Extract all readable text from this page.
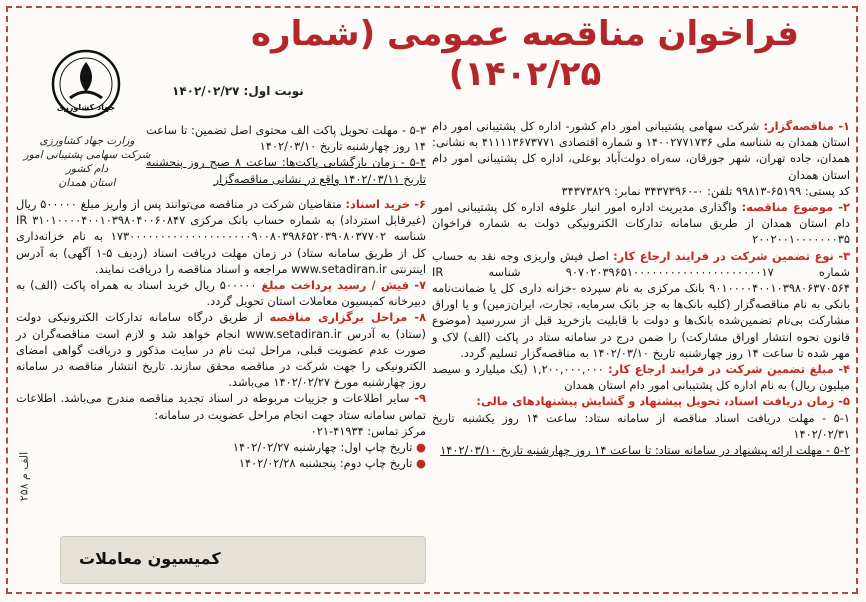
فراخوان مناقصه عمومی (شماره ۱۴۰۲/۲۵)
جهاد کشاورزی
وزارت جهاد کشاورزی
شرکت سهامی پشتیبانی امور دام کشور
استان همدان
نوبت اول: ۱۴۰۲/۰۲/۲۷

۱- مناقصه‌گزار: شرکت سهامی پشتیبانی امور دام کشور- اداره کل پشتیبانی امور دام استان همدان به شناسه ملی ۱۴۰۰۲۷۷۱۷۳۶ و شماره اقتصادی ۴۱۱۱۱۳۶۷۳۷۷۱ به نشانی: همدان، جاده تهران، شهر جورقان، سه‌راه دولت‌آباد بوعلی، اداره کل پشتیبانی امور دام استان همدان

کد پستی: ۶۵۱۹۹-۹۹۸۱۳ تلفن: ۰-۳۴۳۷۳۹۶۰ نمابر: ۳۴۳۷۳۸۲۹

۲- موضوع مناقصه: واگذاری مدیریت اداره امور انبار علوفه اداره کل پشتیبانی امور دام استان همدان از طریق سامانه تدارکات الکترونیکی دولت به شماره فراخوان ۲۰۰۲۰۰۱۰۰۰۰۰۰۰۳۵

۳- نوع تضمین شرکت در فرایند ارجاع کار: اصل فیش واریزی وجه نقد به حساب شماره ۹۰۷۰۲۰۳۹۶۵۱۰۰۰۰۰۰۰۰۰۰۰۰۰۰۰۰۰۰۰۰۰۱۷ شناسه IR ۹۰۱۰۰۰۰۴۰۰۱۰۳۹۸۰۶۳۷۰۵۶۴ بانک مرکزی به نام سپرده -خزانه داری کل یا ضمانت‌نامه بانکی به نام مناقصه‌گزار (کلیه بانک‌ها به جز بانک سرمایه، تجارت، ایران‌زمین) و یا اوراق مشارکت بی‌نام تضمین‌شده بانک‌ها و دولت با قابلیت بازخرید قبل از سررسید (موضوع قانون نحوه انتشار اوراق مشارکت) را ضمن درج در سامانه ستاد در پاکت (الف) لاک و مهر شده تا ساعت ۱۴ روز چهارشنبه تاریخ ۱۴۰۲/۰۳/۱۰ به مناقصه‌گزار تسلیم گردد.

۴- مبلغ تضمین شرکت در فرایند ارجاع کار: ۱,۲۰۰,۰۰۰,۰۰۰ (یک میلیارد و سیصد میلیون ریال) به نام اداره کل پشتیبانی امور دام استان همدان

۵- زمان دریافت اسناد، تحویل پیشنهاد و گشایش پیشنهادهای مالی:

۵-۱ - مهلت دریافت اسناد مناقصه از سامانه ستاد: ساعت ۱۴ روز یکشنبه تاریخ ۱۴۰۲/۰۲/۳۱

۵-۲ - مهلت ارائه پیشنهاد در سامانه ستاد: تا ساعت ۱۴ روز چهارشنبه تاریخ ۱۴۰۲/۰۳/۱۰

۵-۳ - مهلت تحویل پاکت الف محتوی اصل تضمین: تا ساعت ۱۴ روز چهارشنبه تاریخ ۱۴۰۲/۰۳/۱۰

۵-۴ - زمان بازگشایی پاکت‌ها: ساعت ۸ صبح روز پنجشنبه تاریخ ۱۴۰۲/۰۳/۱۱ واقع در نشانی مناقصه‌گزار

۶- خرید اسناد: متقاضیان شرکت در مناقصه می‌توانند پس از واریز مبلغ ۵۰۰۰۰۰ ریال (غیرقابل استرداد) به شماره حساب بانک مرکزی IR ۳۱۰۱۰۰۰۰۴۰۰۱۰۳۹۸۰۴۰۰۶۰۸۴۷ شناسه ۱۷۳۰۰۰۰۰۰۰۰۰۰۰۰۰۰۰۰۰۰۰۰۹۰۰۸۰۳۹۸۶۵۲۰۳۹۰۸۰۳۷۷۰۲ به نام خزانه‌داری کل از طریق سامانه ستاد) در زمان مهلت دریافت اسناد (ردیف ۵-۱ آگهی) به آدرس اینترنتی www.setadiran.ir مراجعه و اسناد مناقصه را دریافت نمایند.

۷- فیش / رسید پرداخت مبلغ ۵۰۰۰۰۰ ریال خرید اسناد به همراه پاکت (الف) به دبیرخانه کمیسیون معاملات استان تحویل گردد.

۸- مراحل برگزاری مناقصه از طریق درگاه سامانه تدارکات الکترونیکی دولت (ستاد) به آدرس www.setadiran.ir انجام خواهد شد و لازم است مناقصه‌گران در صورت عدم عضویت قبلی، مراحل ثبت نام در سایت مذکور و دریافت گواهی امضای الکترونیکی را جهت شرکت در مناقصه محقق سازند. تاریخ انتشار مناقصه در سامانه روز چهارشنبه مورخ ۱۴۰۲/۰۲/۲۷ می‌باشد.

۹- سایر اطلاعات و جزییات مربوطه در اسناد تجدید مناقصه مندرج می‌باشد. اطلاعات تماس سامانه ستاد جهت انجام مراحل عضویت در سامانه:

مرکز تماس: ۴۱۹۳۴-۰۲۱

● تاریخ چاپ اول: چهارشنبه ۱۴۰۲/۰۲/۲۷

● تاریخ چاپ دوم: پنجشنبه ۱۴۰۲/۰۲/۲۸

کمیسیون معاملات
۲۵۸ الف م
